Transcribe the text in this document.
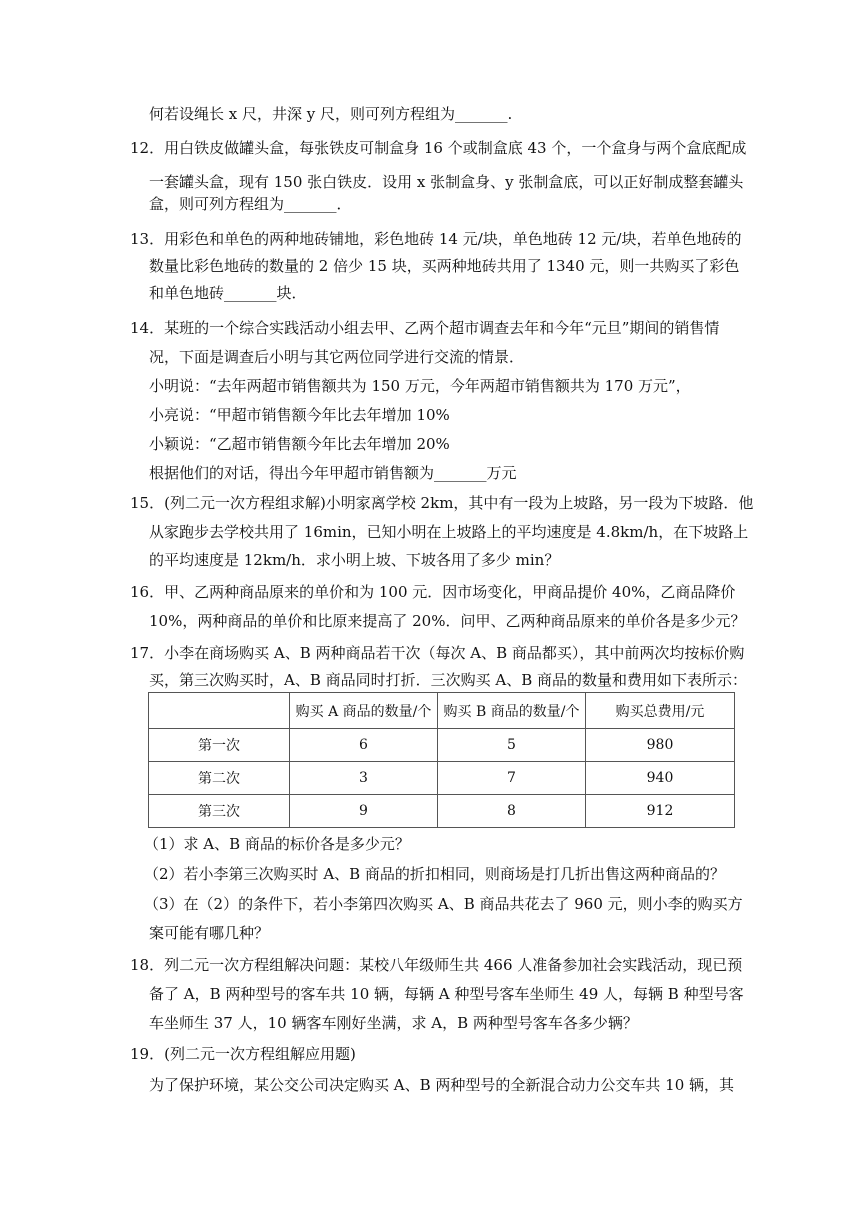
何若设绳长 x 尺，井深 y 尺，则可列方程组为_______.
12．用白铁皮做罐头盒，每张铁皮可制盒身 16 个或制盒底 43 个，一个盒身与两个盒底配成
一套罐头盒，现有 150 张白铁皮．设用 x 张制盒身、y 张制盒底，可以正好制成整套罐头
盒，则可列方程组为_______．
13．用彩色和单色的两种地砖铺地，彩色地砖 14 元/块，单色地砖 12 元/块，若单色地砖的
数量比彩色地砖的数量的 2 倍少 15 块，买两种地砖共用了 1340 元，则一共购买了彩色
和单色地砖_______块．
14．某班的一个综合实践活动小组去甲、乙两个超市调查去年和今年“元旦”期间的销售情
况，下面是调查后小明与其它两位同学进行交流的情景．
小明说：“去年两超市销售额共为 150 万元，今年两超市销售额共为 170 万元”，
小亮说：“甲超市销售额今年比去年增加 10%
小颖说：“乙超市销售额今年比去年增加 20%
根据他们的对话，得出今年甲超市销售额为_______万元
15．(列二元一次方程组求解)小明家离学校 2km，其中有一段为上坡路，另一段为下坡路．他
从家跑步去学校共用了 16min，已知小明在上坡路上的平均速度是 4.8km/h，在下坡路上
的平均速度是 12km/h．求小明上坡、下坡各用了多少 min？
16．甲、乙两种商品原来的单价和为 100 元．因市场变化，甲商品提价 40%，乙商品降价
10%，两种商品的单价和比原来提高了 20%．问甲、乙两种商品原来的单价各是多少元？
17．小李在商场购买 A、B 两种商品若干次（每次 A、B 商品都买），其中前两次均按标价购
买，第三次购买时，A、B 商品同时打折．三次购买 A、B 商品的数量和费用如下表所示：
	购买 A 商品的数量/个	购买 B 商品的数量/个	购买总费用/元
第一次	6	5	980
第二次	3	7	940
第三次	9	8	912
（1）求 A、B 商品的标价各是多少元？
（2）若小李第三次购买时 A、B 商品的折扣相同，则商场是打几折出售这两种商品的？
（3）在（2）的条件下，若小李第四次购买 A、B 商品共花去了 960 元，则小李的购买方
案可能有哪几种？
18．列二元一次方程组解决问题：某校八年级师生共 466 人准备参加社会实践活动，现已预
备了 A，B 两种型号的客车共 10 辆，每辆 A 种型号客车坐师生 49 人，每辆 B 种型号客
车坐师生 37 人，10 辆客车刚好坐满，求 A，B 两种型号客车各多少辆？
19．(列二元一次方程组解应用题)
为了保护环境，某公交公司决定购买 A、B 两种型号的全新混合动力公交车共 10 辆，其
